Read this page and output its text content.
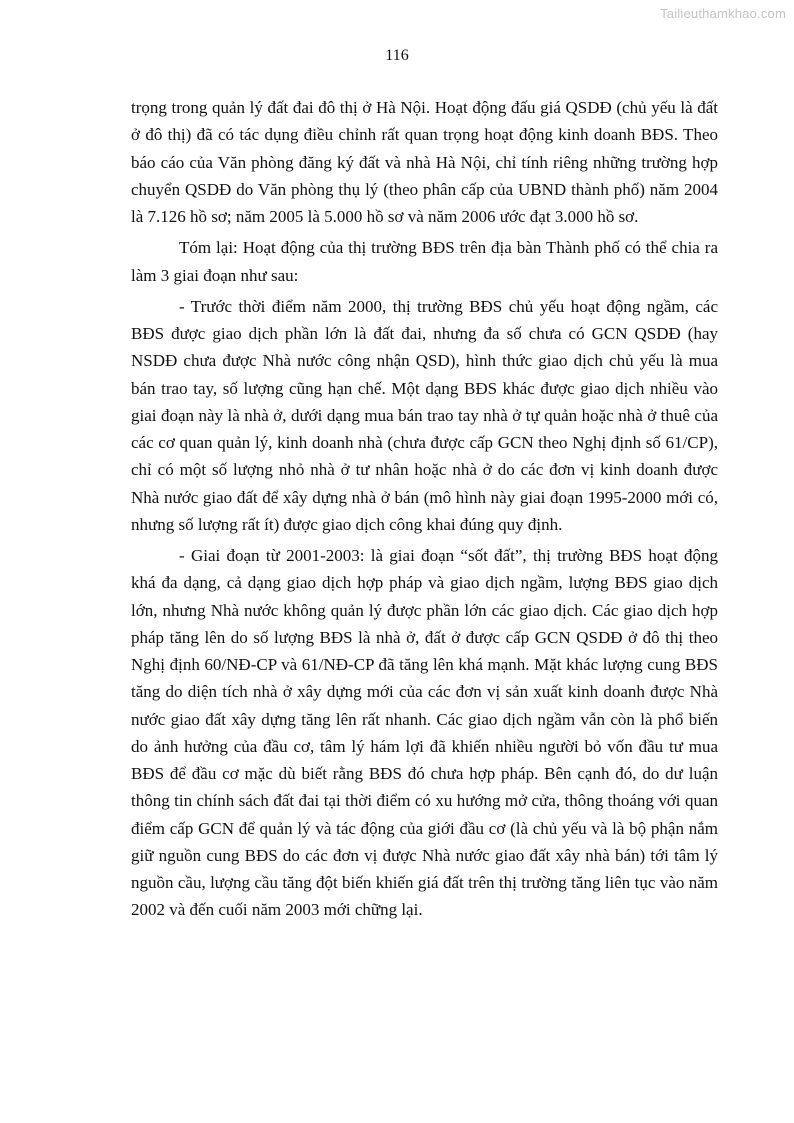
Tailieuthamkhao.com
116

trọng trong quản lý đất đai đô thị ở Hà Nội. Hoạt động đấu giá QSDĐ (chủ yếu là đất ở đô thị) đã có tác dụng điều chỉnh rất quan trọng hoạt động kinh doanh BĐS. Theo báo cáo của Văn phòng đăng ký đất và nhà Hà Nội, chỉ tính riêng những trường hợp chuyển QSDĐ do Văn phòng thụ lý (theo phân cấp của UBND thành phố) năm 2004 là 7.126 hồ sơ; năm 2005 là 5.000 hồ sơ và năm 2006 ước đạt 3.000 hồ sơ.

Tóm lại: Hoạt động của thị trường BĐS trên địa bàn Thành phố có thể chia ra làm 3 giai đoạn như sau:

- Trước thời điểm năm 2000, thị trường BĐS chủ yếu hoạt động ngầm, các BĐS được giao dịch phần lớn là đất đai, nhưng đa số chưa có GCN QSDĐ (hay NSDĐ chưa được Nhà nước công nhận QSD), hình thức giao dịch chủ yếu là mua bán trao tay, số lượng cũng hạn chế. Một dạng BĐS khác được giao dịch nhiều vào giai đoạn này là nhà ở, dưới dạng mua bán trao tay nhà ở tự quản hoặc nhà ở thuê của các cơ quan quản lý, kinh doanh nhà (chưa được cấp GCN theo Nghị định số 61/CP), chỉ có một số lượng nhỏ nhà ở tư nhân hoặc nhà ở do các đơn vị kinh doanh được Nhà nước giao đất để xây dựng nhà ở bán (mô hình này giai đoạn 1995-2000 mới có, nhưng số lượng rất ít) được giao dịch công khai đúng quy định.

- Giai đoạn từ 2001-2003: là giai đoạn “sốt đất”, thị trường BĐS hoạt động khá đa dạng, cả dạng giao dịch hợp pháp và giao dịch ngầm, lượng BĐS giao dịch lớn, nhưng Nhà nước không quản lý được phần lớn các giao dịch. Các giao dịch hợp pháp tăng lên do số lượng BĐS là nhà ở, đất ở được cấp GCN QSDĐ ở đô thị theo Nghị định 60/NĐ-CP và 61/NĐ-CP đã tăng lên khá mạnh. Mặt khác lượng cung BĐS tăng do diện tích nhà ở xây dựng mới của các đơn vị sản xuất kinh doanh được Nhà nước giao đất xây dựng tăng lên rất nhanh. Các giao dịch ngầm vẫn còn là phổ biến do ảnh hưởng của đầu cơ, tâm lý hám lợi đã khiến nhiều người bỏ vốn đầu tư mua BĐS để đầu cơ mặc dù biết rằng BĐS đó chưa hợp pháp. Bên cạnh đó, do dư luận thông tin chính sách đất đai tại thời điểm có xu hướng mở cửa, thông thoáng với quan điểm cấp GCN để quản lý và tác động của giới đầu cơ (là chủ yếu và là bộ phận nắm giữ nguồn cung BĐS do các đơn vị được Nhà nước giao đất xây nhà bán) tới tâm lý nguồn cầu, lượng cầu tăng đột biến khiến giá đất trên thị trường tăng liên tục vào năm 2002 và đến cuối năm 2003 mới chững lại.
